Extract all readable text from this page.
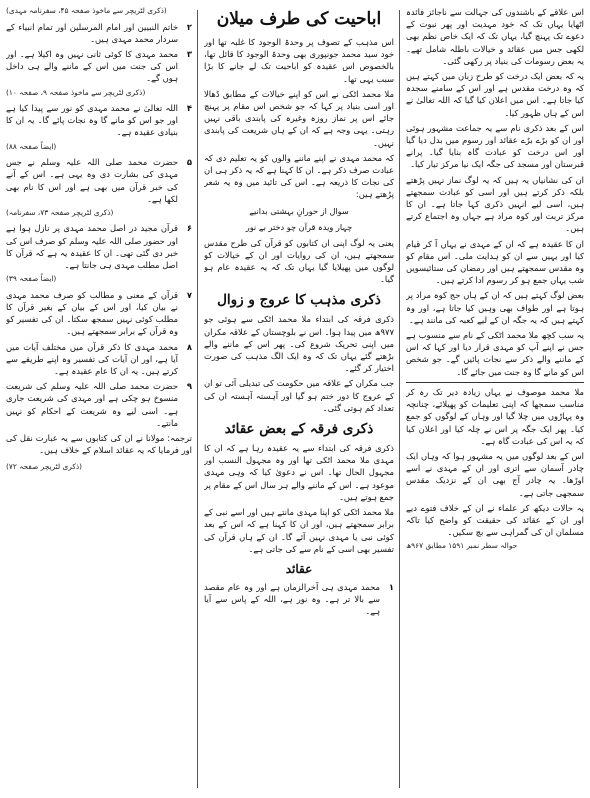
اس علاقے کے باشندوں کی جہالت سے ناجائز فائدہ اٹھایا یہاں تک کہ خود مہدیت اور پھر نبوت کے دعوے تک پہنچ گیا، یہاں تک کہ ایک خاص نظم بھی لکھی جس میں عقائد و خیالات باطلہ شامل تھے۔ یہ بعض رسومات کی بنیاد پر رکھی گئی۔

یہ کہ بعض ایک درخت کو طرح زبان میں کہتے ہیں کہ وہ درخت مقدس ہے اور اس کے سامنے سجدہ کیا جاتا ہے۔ اس میں اعلان کیا گیا کہ اللہ تعالیٰ نے اس کے ہاں ظہور کیا۔

اس کے بعد ذکری نام سے یہ جماعت مشہور ہوئی اور ان کو بڑے بڑے عقائد اور رسوم میں بدل دیا گیا اور اس درخت کو عبادت گاہ بنایا گیا۔ پرانے قبرستان اور مسجد کی جگہ ایک نیا مرکز تیار کیا۔

ان کی نشانیاں یہ ہیں کہ یہ لوگ نماز نہیں پڑھتے بلکہ ذکر کرتے ہیں اور اسی کو عبادت سمجھتے ہیں، اسی لیے انہیں ذکری کہا جاتا ہے۔ ان کا مرکز تربت اور کوہ مراد ہے جہاں وہ اجتماع کرتے ہیں۔

ان کا عقیدہ ہے کہ ان کے مہدی نے یہاں آ کر قیام کیا اور یہیں سے ان کو ہدایت ملی۔ اس مقام کو وہ مقدس سمجھتے ہیں اور رمضان کی ستائیسویں شب یہاں جمع ہو کر رسوم ادا کرتے ہیں۔

بعض لوگ کہتے ہیں کہ ان کے ہاں حج کوہ مراد پر ہوتا ہے اور طواف بھی وہیں کیا جاتا ہے، اور وہ کہتے ہیں کہ یہ جگہ ان کے لیے کعبہ کی مانند ہے۔

یہ سب کچھ ملا محمد اٹکی کے نام سے منسوب ہے جس نے اپنے آپ کو مہدی قرار دیا اور کہا کہ اس کے ماننے والے ذکر سے نجات پائیں گے۔ جو شخص اس کو مانے گا وہ جنت میں جائے گا۔

ملا محمد موصوف نے یہاں زیادہ دیر تک رہ کر مناسب سمجھا کہ اپنی تعلیمات کو پھیلائے، چنانچہ وہ پہاڑوں میں چلا گیا اور وہاں کے لوگوں کو جمع کیا۔ پھر ایک جگہ پر اس نے چلہ کیا اور اعلان کیا کہ یہ اس کی عبادت گاہ ہے۔

اس کے بعد لوگوں میں یہ مشہور ہوا کہ وہاں ایک چادر آسمان سے اتری اور ان کے مہدی نے اسے اوڑھا۔ یہ چادر آج بھی ان کے نزدیک مقدس سمجھی جاتی ہے۔

یہ حالات دیکھ کر علماء نے ان کے خلاف فتوے دیے اور ان کے عقائد کی حقیقت کو واضح کیا تاکہ مسلمان ان کی گمراہی سے بچ سکیں۔

حوالہ سطر نمبر ۱۵۹۱ مطابق ۹۶۷ھ
اباحیت کی طرف میلان

اس مذہب کے تصوف پر وحدۃ الوجود کا غلبہ تھا اور خود سید محمد جونپوری بھی وحدۃ الوجود کا قائل تھا، بالخصوص اس عقیدہ کو اباحیت تک لے جانے کا بڑا سبب یہی تھا۔

ملا محمد اٹکی نے اس کو اپنے خیالات کے مطابق ڈھالا اور اسی بنیاد پر کہا کہ جو شخص اس مقام پر پہنچ جائے اس پر نماز روزہ وغیرہ کی پابندی باقی نہیں رہتی۔ یہی وجہ ہے کہ ان کے ہاں شریعت کی پابندی نہیں۔

کہ محمد مہدی نے اپنے ماننے والوں کو یہ تعلیم دی کہ عبادت صرف ذکر ہے۔ ان کا کہنا ہے کہ یہ ذکر ہی ان کی نجات کا ذریعہ ہے۔ اس کی تائید میں وہ یہ شعر پڑھتے ہیں:

سوال از حورانِ بہشتی بدانیے
چہار ویدہ قرآن چو دختر بے نور

یعنی یہ لوگ اپنی ان کتابوں کو قرآن کی طرح مقدس سمجھتے ہیں، ان کی روایات اور ان کے خیالات کو لوگوں میں پھیلایا گیا یہاں تک کہ یہ عقیدہ عام ہو گیا۔

ذکری مذہب کا عروج و زوال

ذکری فرقہ کی ابتداء ملا محمد اٹکی سے ہوئی جو ۹۷۷ھ میں پیدا ہوا۔ اس نے بلوچستان کے علاقہ مکران میں اپنی تحریک شروع کی۔ پھر اس کے ماننے والے بڑھتے گئے یہاں تک کہ وہ ایک الگ مذہب کی صورت اختیار کر گئے۔

جب مکران کے علاقہ میں حکومت کی تبدیلی آئی تو ان کے عروج کا دور ختم ہو گیا اور آہستہ آہستہ ان کی تعداد کم ہوتی گئی۔

ذکری فرقہ کے بعض عقائد

ذکری فرقہ کی ابتداء سے یہ عقیدہ رہا ہے کہ ان کا مہدی ملا محمد اٹکی تھا اور وہ مجہول النسب اور مجہول الحال تھا۔ اس نے دعویٰ کیا کہ وہی مہدی موعود ہے۔ اس کے ماننے والے ہر سال اس کے مقام پر جمع ہوتے ہیں۔

ملا محمد اٹکی کو اپنا مہدی مانتے ہیں اور اسے نبی کے برابر سمجھتے ہیں، اور ان کا کہنا ہے کہ اس کے بعد کوئی نبی یا مہدی نہیں آئے گا۔ ان کے ہاں قرآن کی تفسیر بھی اسی کے نام سے کی جاتی ہے۔

عقائد
۱

محمد مہدی ہی آخرالزمان ہے اور وہ عام مقصد سے بالا تر ہے۔ وہ نور ہے، اللہ کے پاس سے آیا ہے۔

(ذکری لٹریچر سے ماخوذ صفحہ ۴۵، سفرنامہ مہدی)
۲

خاتم النبیین اور امام المرسلین اور تمام انبیاء کے سردار محمد مہدی ہیں۔

۳

محمد مہدی کا کوئی ثانی نہیں وہ اکیلا ہے۔ اور اس کی جنت میں اس کے ماننے والے ہی داخل ہوں گے۔

(ذکری لٹریچر سے ماخوذ صفحہ ۹، صفحہ ۱۰)
۴

اللہ تعالیٰ نے محمد مہدی کو نور سے پیدا کیا ہے اور جو اس کو مانے گا وہ نجات پائے گا۔ یہ ان کا بنیادی عقیدہ ہے۔

(ایضاً صفحہ ۸۸)
۵

حضرت محمد صلی اللہ علیہ وسلم نے جس مہدی کی بشارت دی وہ یہی ہے۔ اس کے آنے کی خبر قرآن میں بھی ہے اور اس کا نام بھی لکھا ہے۔

(ذکری لٹریچر صفحہ ۷۳، سفرنامہ)
۶

قرآن مجید در اصل محمد مہدی پر نازل ہوا ہے اور حضور صلی اللہ علیہ وسلم کو صرف اس کی خبر دی گئی تھی۔ ان کا عقیدہ یہ ہے کہ قرآن کا اصل مطلب مہدی ہی جانتا ہے۔

(ایضاً صفحہ ۳۹)
۷

قرآن کے معنی و مطالب کو صرف محمد مہدی نے بیان کیا، اور اس کے بیان کے بغیر قرآن کا مطلب کوئی نہیں سمجھ سکتا۔ ان کی تفسیر کو وہ قرآن کے برابر سمجھتے ہیں۔

۸

محمد مہدی کا ذکر قرآن میں مختلف آیات میں آیا ہے، اور ان آیات کی تفسیر وہ اپنے طریقے سے کرتے ہیں۔ یہ ان کا عام عقیدہ ہے۔

۹

حضرت محمد صلی اللہ علیہ وسلم کی شریعت منسوخ ہو چکی ہے اور مہدی کی شریعت جاری ہے۔ اسی لیے وہ شریعت کے احکام کو نہیں مانتے۔

ترجمہ: مولانا نے ان کی کتابوں سے یہ عبارت نقل کی اور فرمایا کہ یہ عقائد اسلام کے خلاف ہیں۔

(ذکری لٹریچر صفحہ ۷۲)
